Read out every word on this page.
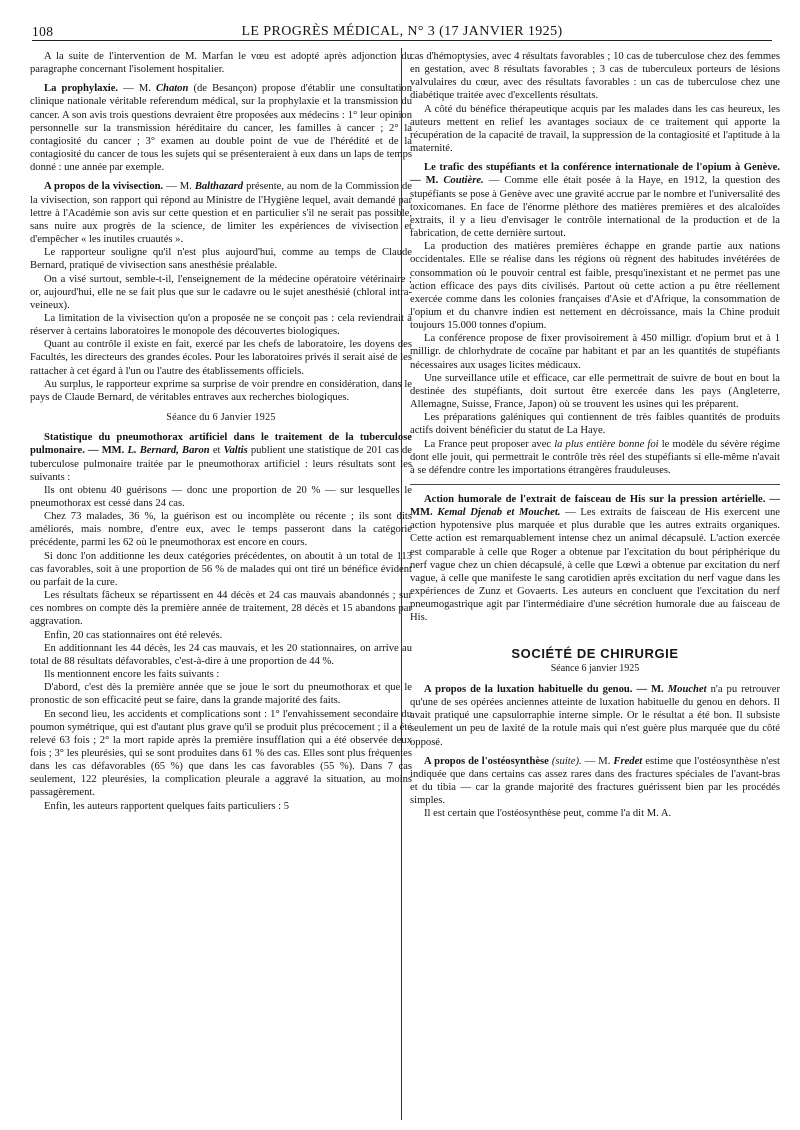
108	LE PROGRÈS MÉDICAL, N° 3 (17 JANVIER 1925)

A la suite de l'intervention de M. Marfan le vœu est adopté après adjonction du paragraphe concernant l'isolement hospitalier.

La prophylaxie. — M. Chaton (de Besançon) propose d'établir une consultation clinique nationale véritable referendum médical, sur la prophylaxie et la transmission du cancer. A son avis trois questions devraient être proposées aux médecins : 1° leur opinion personnelle sur la transmission héréditaire du cancer, les familles à cancer ; 2° la contagiosité du cancer ; 3° examen au double point de vue de l'hérédité et de la contagiosité du cancer de tous les sujets qui se présenteraient à eux dans un laps de temps donné : une année par exemple.

A propos de la vivisection. — M. Balthazard présente, au nom de la Commission de la vivisection, son rapport qui répond au Ministre de l'Hygiène lequel, avait demandé par lettre à l'Académie son avis sur cette question et en particulier s'il ne serait pas possible, sans nuire aux progrès de la science, de limiter les expériences de vivisection et d'empêcher « les inutiles cruautés ».

Le rapporteur souligne qu'il n'est plus aujourd'hui, comme au temps de Claude Bernard, pratiqué de vivisection sans anesthésie préalable.

On a visé surtout, semble-t-il, l'enseignement de la médecine opératoire vétérinaire ; or, aujourd'hui, elle ne se fait plus que sur le cadavre ou le sujet anesthésié (chloral intra-veineux).

La limitation de la vivisection qu'on a proposée ne se conçoit pas : cela reviendrait à réserver à certains laboratoires le monopole des découvertes biologiques.

Quant au contrôle il existe en fait, exercé par les chefs de laboratoire, les doyens des Facultés, les directeurs des grandes écoles. Pour les laboratoires privés il serait aisé de les rattacher à cet égard à l'un ou l'autre des établissements officiels.

Au surplus, le rapporteur exprime sa surprise de voir prendre en considération, dans le pays de Claude Bernard, de véritables entraves aux recherches biologiques.

Séance du 6 Janvier 1925

Statistique du pneumothorax artificiel dans le traitement de la tuberculose pulmonaire. — MM. L. Bernard, Baron et Valtis publient une statistique de 201 cas de tuberculose pulmonaire traitée par le pneumothorax artificiel : leurs résultats sont les suivants :

Ils ont obtenu 40 guérisons — donc une proportion de 20 % — sur lesquelles le pneumothorax est cessé dans 24 cas.

Chez 73 malades, 36 %, la guérison est ou incomplète ou récente ; ils sont dits améliorés, mais nombre, d'entre eux, avec le temps passeront dans la catégorie précédente, parmi les 62 où le pneumothorax est encore en cours.

Si donc l'on additionne les deux catégories précédentes, on aboutit à un total de 113 cas favorables, soit à une proportion de 56 % de malades qui ont tiré un bénéfice évident ou parfait de la cure.

Les résultats fâcheux se répartissent en 44 décès et 24 cas mauvais abandonnés ; sur ces nombres on compte dès la première année de traitement, 28 décès et 15 abandons par aggravation.

Enfin, 20 cas stationnaires ont été relevés.

En additionnant les 44 décès, les 24 cas mauvais, et les 20 stationnaires, on arrive au total de 88 résultats défavorables, c'est-à-dire à une proportion de 44 %.

Ils mentionnent encore les faits suivants :

D'abord, c'est dès la première année que se joue le sort du pneumothorax et que le pronostic de son efficacité peut se faire, dans la grande majorité des faits.

En second lieu, les accidents et complications sont : 1° l'envahissement secondaire du poumon symétrique, qui est d'autant plus grave qu'il se produit plus précocement ; il a été relevé 63 fois ; 2° la mort rapide après la première insufflation qui a été observée deux fois ; 3° les pleurésies, qui se sont produites dans 61 % des cas. Elles sont plus fréquentes dans les cas défavorables (65 %) que dans les cas favorables (55 %). Dans 7 cas seulement, 122 pleurésies, la complication pleurale a aggravé la situation, au moins passagèrement.

Enfin, les auteurs rapportent quelques faits particuliers : 5

cas d'hémoptysies, avec 4 résultats favorables ; 10 cas de tuberculose chez des femmes en gestation, avec 8 résultats favorables ; 3 cas de tuberculeux porteurs de lésions valvulaires du cœur, avec des résultats favorables : un cas de tuberculose chez une diabétique traitée avec d'excellents résultats.

A côté du bénéfice thérapeutique acquis par les malades dans les cas heureux, les auteurs mettent en relief les avantages sociaux de ce traitement qui apporte la récupération de la capacité de travail, la suppression de la contagiosité et l'aptitude à la maternité.

Le trafic des stupéfiants et la conférence internationale de l'opium à Genève. — M. Coutière. — Comme elle était posée à la Haye, en 1912, la question des stupéfiants se pose à Genève avec une gravité accrue par le nombre et l'universalité des toxicomanes. En face de l'énorme pléthore des matières premières et des alcaloïdes extraits, il y a lieu d'envisager le contrôle international de la production et de la fabrication, de cette dernière surtout.

La production des matières premières échappe en grande partie aux nations occidentales. Elle se réalise dans les régions où règnent des habitudes invétérées de consommation où le pouvoir central est faible, presqu'inexistant et ne permet pas une action efficace des pays dits civilisés. Partout où cette action a pu être réellement exercée comme dans les colonies françaises d'Asie et d'Afrique, la consommation de l'opium et du chanvre indien est nettement en décroissance, mais la Chine produit toujours 15.000 tonnes d'opium.

La conférence propose de fixer provisoirement à 450 milligr. d'opium brut et à 1 milligr. de chlorhydrate de cocaïne par habitant et par an les quantités de stupéfiants nécessaires aux usages licites médicaux.

Une surveillance utile et efficace, car elle permettrait de suivre de bout en bout la destinée des stupéfiants, doit surtout être exercée dans les pays (Angleterre, Allemagne, Suisse, France, Japon) où se trouvent les usines qui les préparent.

Les préparations galéniques qui contiennent de très faibles quantités de produits actifs doivent bénéficier du statut de La Haye.

La France peut proposer avec la plus entière bonne foi le modèle du sévère régime dont elle jouit, qui permettrait le contrôle très réel des stupéfiants si elle-même n'avait à se défendre contre les importations étrangères frauduleuses.

Action humorale de l'extrait de faisceau de His sur la pression artérielle. — MM. Kemal Djenab et Mouchet. — Les extraits de faisceau de His exercent une action hypotensive plus marquée et plus durable que les autres extraits organiques. Cette action est remarquablement intense chez un animal décapsulé. L'action exercée est comparable à celle que Roger a obtenue par l'excitation du bout périphérique du nerf vague chez un chien décapsulé, à celle que Lœwi a obtenue par excitation du nerf vague, à celle que manifeste le sang carotidien après excitation du nerf vague dans les expériences de Zunz et Govaerts. Les auteurs en concluent que l'excitation du nerf pneumogastrique agit par l'intermédiaire d'une sécrétion humorale due au faisceau de His.

SOCIÉTÉ DE CHIRURGIE

Séance 6 janvier 1925

A propos de la luxation habituelle du genou. — M. Mouchet n'a pu retrouver qu'une de ses opérées anciennes atteinte de luxation habituelle du genou en dehors. Il avait pratiqué une capsulorraphie interne simple. Or le résultat a été bon. Il subsiste seulement un peu de laxité de la rotule mais qui n'est guère plus marquée que du côté opposé.

A propos de l'ostéosynthèse (suite). — M. Fredet estime que l'ostéosynthèse n'est indiquée que dans certains cas assez rares dans des fractures spéciales de l'avant-bras et du tibia — car la grande majorité des fractures guérissent bien par les procédés simples.

Il est certain que l'ostéosynthèse peut, comme l'a dit M. A.
